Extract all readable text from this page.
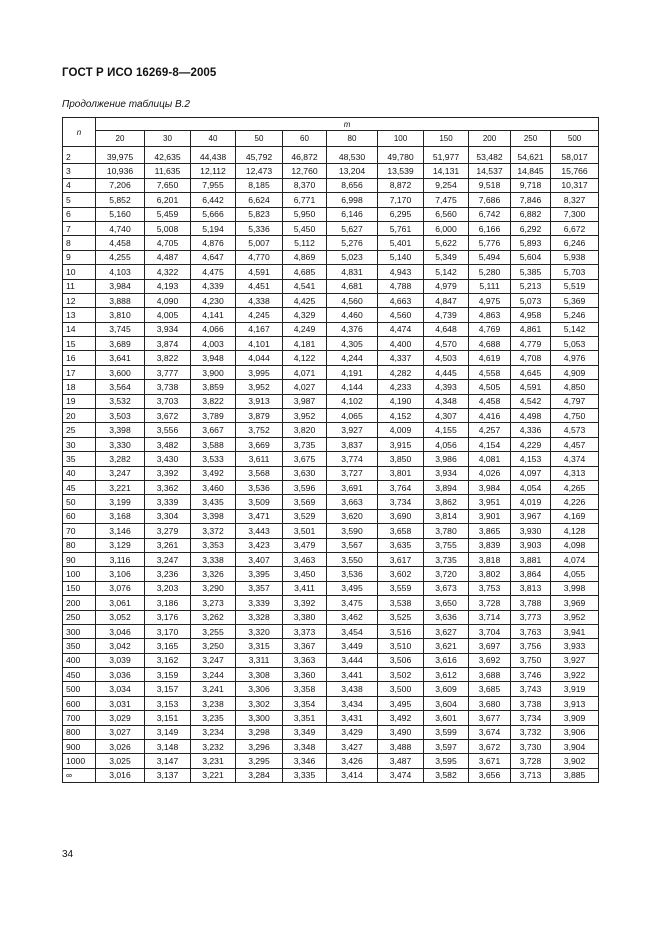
ГОСТ Р ИСО 16269-8—2005
Продолжение таблицы В.2
n	m										
	20	30	40	50	60	80	100	150	200	250	500
2	39,975	42,635	44,438	45,792	46,872	48,530	49,780	51,977	53,482	54,621	58,017
3	10,936	11,635	12,112	12,473	12,760	13,204	13,539	14,131	14,537	14,845	15,766
4	7,206	7,650	7,955	8,185	8,370	8,656	8,872	9,254	9,518	9,718	10,317
5	5,852	6,201	6,442	6,624	6,771	6,998	7,170	7,475	7,686	7,846	8,327
6	5,160	5,459	5,666	5,823	5,950	6,146	6,295	6,560	6,742	6,882	7,300
7	4,740	5,008	5,194	5,336	5,450	5,627	5,761	6,000	6,166	6,292	6,672
8	4,458	4,705	4,876	5,007	5,112	5,276	5,401	5,622	5,776	5,893	6,246
9	4,255	4,487	4,647	4,770	4,869	5,023	5,140	5,349	5,494	5,604	5,938
10	4,103	4,322	4,475	4,591	4,685	4,831	4,943	5,142	5,280	5,385	5,703
11	3,984	4,193	4,339	4,451	4,541	4,681	4,788	4,979	5,111	5,213	5,519
12	3,888	4,090	4,230	4,338	4,425	4,560	4,663	4,847	4,975	5,073	5,369
13	3,810	4,005	4,141	4,245	4,329	4,460	4,560	4,739	4,863	4,958	5,246
14	3,745	3,934	4,066	4,167	4,249	4,376	4,474	4,648	4,769	4,861	5,142
15	3,689	3,874	4,003	4,101	4,181	4,305	4,400	4,570	4,688	4,779	5,053
16	3,641	3,822	3,948	4,044	4,122	4,244	4,337	4,503	4,619	4,708	4,976
17	3,600	3,777	3,900	3,995	4,071	4,191	4,282	4,445	4,558	4,645	4,909
18	3,564	3,738	3,859	3,952	4,027	4,144	4,233	4,393	4,505	4,591	4,850
19	3,532	3,703	3,822	3,913	3,987	4,102	4,190	4,348	4,458	4,542	4,797
20	3,503	3,672	3,789	3,879	3,952	4,065	4,152	4,307	4,416	4,498	4,750
25	3,398	3,556	3,667	3,752	3,820	3,927	4,009	4,155	4,257	4,336	4,573
30	3,330	3,482	3,588	3,669	3,735	3,837	3,915	4,056	4,154	4,229	4,457
35	3,282	3,430	3,533	3,611	3,675	3,774	3,850	3,986	4,081	4,153	4,374
40	3,247	3,392	3,492	3,568	3,630	3,727	3,801	3,934	4,026	4,097	4,313
45	3,221	3,362	3,460	3,536	3,596	3,691	3,764	3,894	3,984	4,054	4,265
50	3,199	3,339	3,435	3,509	3,569	3,663	3,734	3,862	3,951	4,019	4,226
60	3,168	3,304	3,398	3,471	3,529	3,620	3,690	3,814	3,901	3,967	4,169
70	3,146	3,279	3,372	3,443	3,501	3,590	3,658	3,780	3,865	3,930	4,128
80	3,129	3,261	3,353	3,423	3,479	3,567	3,635	3,755	3,839	3,903	4,098
90	3,116	3,247	3,338	3,407	3,463	3,550	3,617	3,735	3,818	3,881	4,074
100	3,106	3,236	3,326	3,395	3,450	3,536	3,602	3,720	3,802	3,864	4,055
150	3,076	3,203	3,290	3,357	3,411	3,495	3,559	3,673	3,753	3,813	3,998
200	3,061	3,186	3,273	3,339	3,392	3,475	3,538	3,650	3,728	3,788	3,969
250	3,052	3,176	3,262	3,328	3,380	3,462	3,525	3,636	3,714	3,773	3,952
300	3,046	3,170	3,255	3,320	3,373	3,454	3,516	3,627	3,704	3,763	3,941
350	3,042	3,165	3,250	3,315	3,367	3,449	3,510	3,621	3,697	3,756	3,933
400	3,039	3,162	3,247	3,311	3,363	3,444	3,506	3,616	3,692	3,750	3,927
450	3,036	3,159	3,244	3,308	3,360	3,441	3,502	3,612	3,688	3,746	3,922
500	3,034	3,157	3,241	3,306	3,358	3,438	3,500	3,609	3,685	3,743	3,919
600	3,031	3,153	3,238	3,302	3,354	3,434	3,495	3,604	3,680	3,738	3,913
700	3,029	3,151	3,235	3,300	3,351	3,431	3,492	3,601	3,677	3,734	3,909
800	3,027	3,149	3,234	3,298	3,349	3,429	3,490	3,599	3,674	3,732	3,906
900	3,026	3,148	3,232	3,296	3,348	3,427	3,488	3,597	3,672	3,730	3,904
1000	3,025	3,147	3,231	3,295	3,346	3,426	3,487	3,595	3,671	3,728	3,902
∞	3,016	3,137	3,221	3,284	3,335	3,414	3,474	3,582	3,656	3,713	3,885
34
